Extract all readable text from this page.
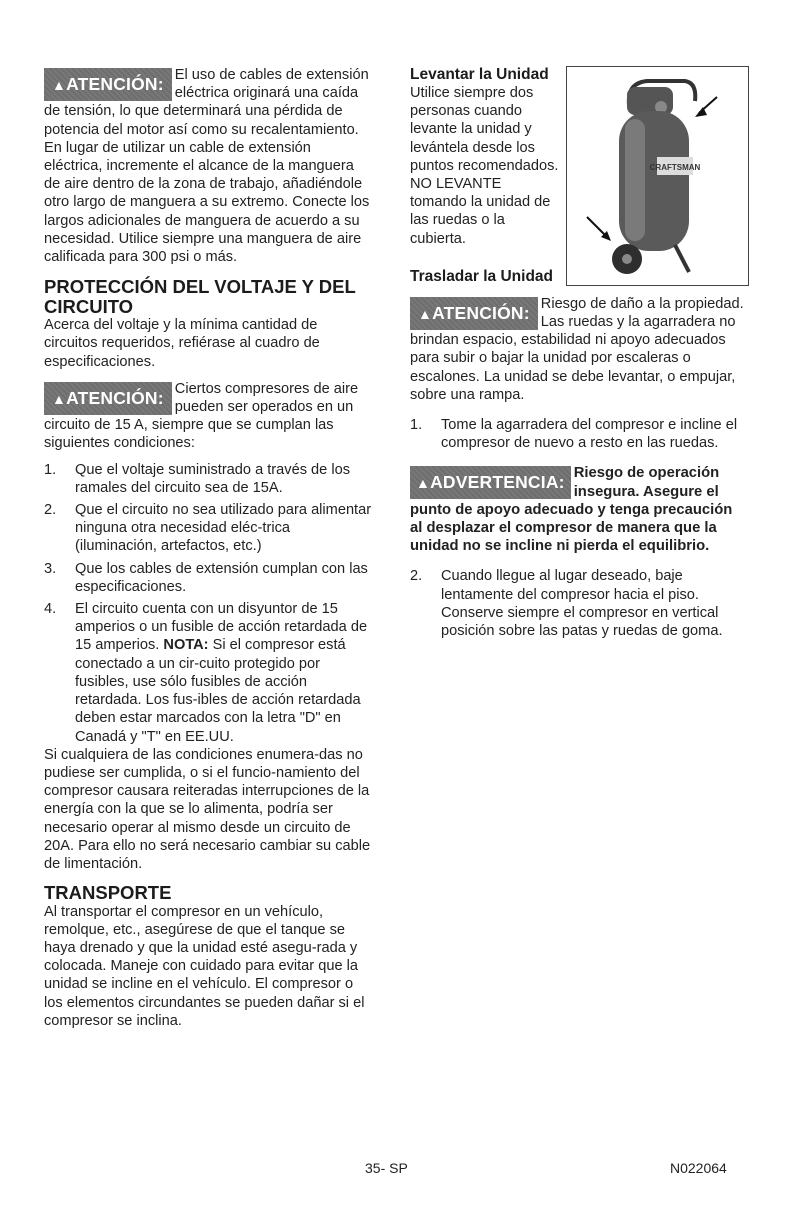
▲ATENCIÓN: El uso de cables de extensión eléctrica originará una caída de tensión, lo que determinará una pérdida de potencia del motor así como su recalentamiento. En lugar de utilizar un cable de extensión eléctrica, incremente el alcance de la manguera de aire dentro de la zona de trabajo, añadiéndole otro largo de manguera a su extremo. Conecte los largos adicionales de manguera de acuerdo a su necesidad. Utilice siempre una manguera de aire calificada para 300 psi o más.

PROTECCIÓN DEL VOLTAJE Y DEL CIRCUITO

Acerca del voltaje y la mínima cantidad de circuitos requeridos, refiérase al cuadro de especificaciones.

▲ATENCIÓN: Ciertos compresores de aire pueden ser operados en un circuito de 15 A, siempre que se cumplan las siguientes condiciones:

1. Que el voltaje suministrado a través de los ramales del circuito sea de 15A.
2. Que el circuito no sea utilizado para alimentar ninguna otra necesidad eléc-trica (iluminación, artefactos, etc.)
3. Que los cables de extensión cumplan con las especificaciones.
4. El circuito cuenta con un disyuntor de 15 amperios o un fusible de acción retardada de 15 amperios. NOTA: Si el compresor está conectado a un cir-cuito protegido por fusibles, use sólo fusibles de acción retardada. Los fus-ibles de acción retardada deben estar marcados con la letra "D" en Canadá y "T" en EE.UU.

Si cualquiera de las condiciones enumera-das no pudiese ser cumplida, o si el funcio-namiento del compresor causara reiteradas interrupciones de la energía con la que se lo alimenta, podría ser necesario operar al mismo desde un circuito de 20A. Para ello no será necesario cambiar su cable de limentación.

TRANSPORTE

Al transportar el compresor en un vehículo, remolque, etc., asegúrese de que el tanque se haya drenado y que la unidad esté asegu-rada y colocada. Maneje con cuidado para evitar que la unidad se incline en el vehículo. El compresor o los elementos circundantes se pueden dañar si el compresor se inclina.

Levantar la Unidad

Utilice siempre dos personas cuando levante la unidad y levántela desde los puntos recomendados. NO LEVANTE tomando la unidad de las ruedas o la cubierta.

Trasladar la Unidad
▲ATENCIÓN: Riesgo de daño a la propiedad. Las ruedas y la agarradera no brindan espacio, estabilidad ni apoyo adecuados para subir o bajar la unidad por escaleras o escalones. La unidad se debe levantar, o empujar, sobre una rampa.

1. Tome la agarradera del compresor e incline el compresor de nuevo a resto en las ruedas.
▲ADVERTENCIA: Riesgo de operación insegura. Asegure el punto de apoyo adecuado y tenga precaución al desplazar el compresor de manera que la unidad no se incline ni pierda el equilibrio.

2. Cuando llegue al lugar deseado, baje lentamente del compresor hacia el piso. Conserve siempre el compresor en vertical posición sobre las patas y ruedas de goma.
CRAFTSMAN
35- SP	N022064
